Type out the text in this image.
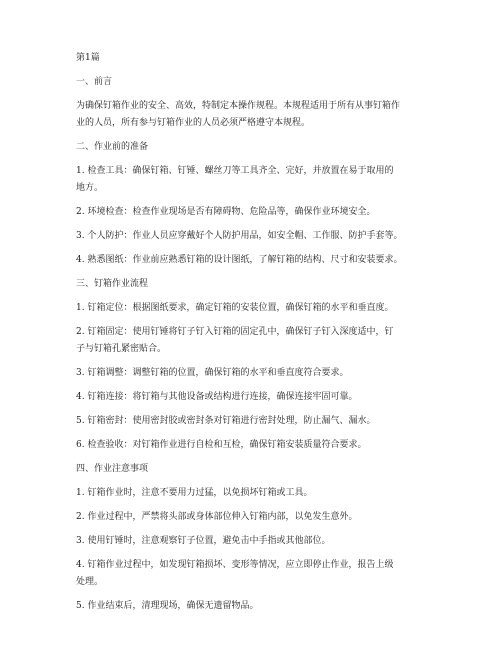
第1篇
一、前言
为确保钉箱作业的安全、高效，特制定本操作规程。本规程适用于所有从事钉箱作
业的人员，所有参与钉箱作业的人员必须严格遵守本规程。
二、作业前的准备
1. 检查工具：确保钉箱、钉锤、螺丝刀等工具齐全、完好，并放置在易于取用的
地方。
2. 环境检查：检查作业现场是否有障碍物、危险品等，确保作业环境安全。
3. 个人防护：作业人员应穿戴好个人防护用品，如安全帽、工作服、防护手套等。
4. 熟悉图纸：作业前应熟悉钉箱的设计图纸，了解钉箱的结构、尺寸和安装要求。
三、钉箱作业流程
1. 钉箱定位：根据图纸要求，确定钉箱的安装位置，确保钉箱的水平和垂直度。
2. 钉箱固定：使用钉锤将钉子钉入钉箱的固定孔中，确保钉子钉入深度适中，钉
子与钉箱孔紧密贴合。
3. 钉箱调整：调整钉箱的位置，确保钉箱的水平和垂直度符合要求。
4. 钉箱连接：将钉箱与其他设备或结构进行连接，确保连接牢固可靠。
5. 钉箱密封：使用密封胶或密封条对钉箱进行密封处理，防止漏气、漏水。
6. 检查验收：对钉箱作业进行自检和互检，确保钉箱安装质量符合要求。
四、作业注意事项
1. 钉箱作业时，注意不要用力过猛，以免损坏钉箱或工具。
2. 作业过程中，严禁将头部或身体部位伸入钉箱内部，以免发生意外。
3. 使用钉锤时，注意观察钉子位置，避免击中手指或其他部位。
4. 钉箱作业过程中，如发现钉箱损坏、变形等情况，应立即停止作业，报告上级
处理。
5. 作业结束后，清理现场，确保无遗留物品。
